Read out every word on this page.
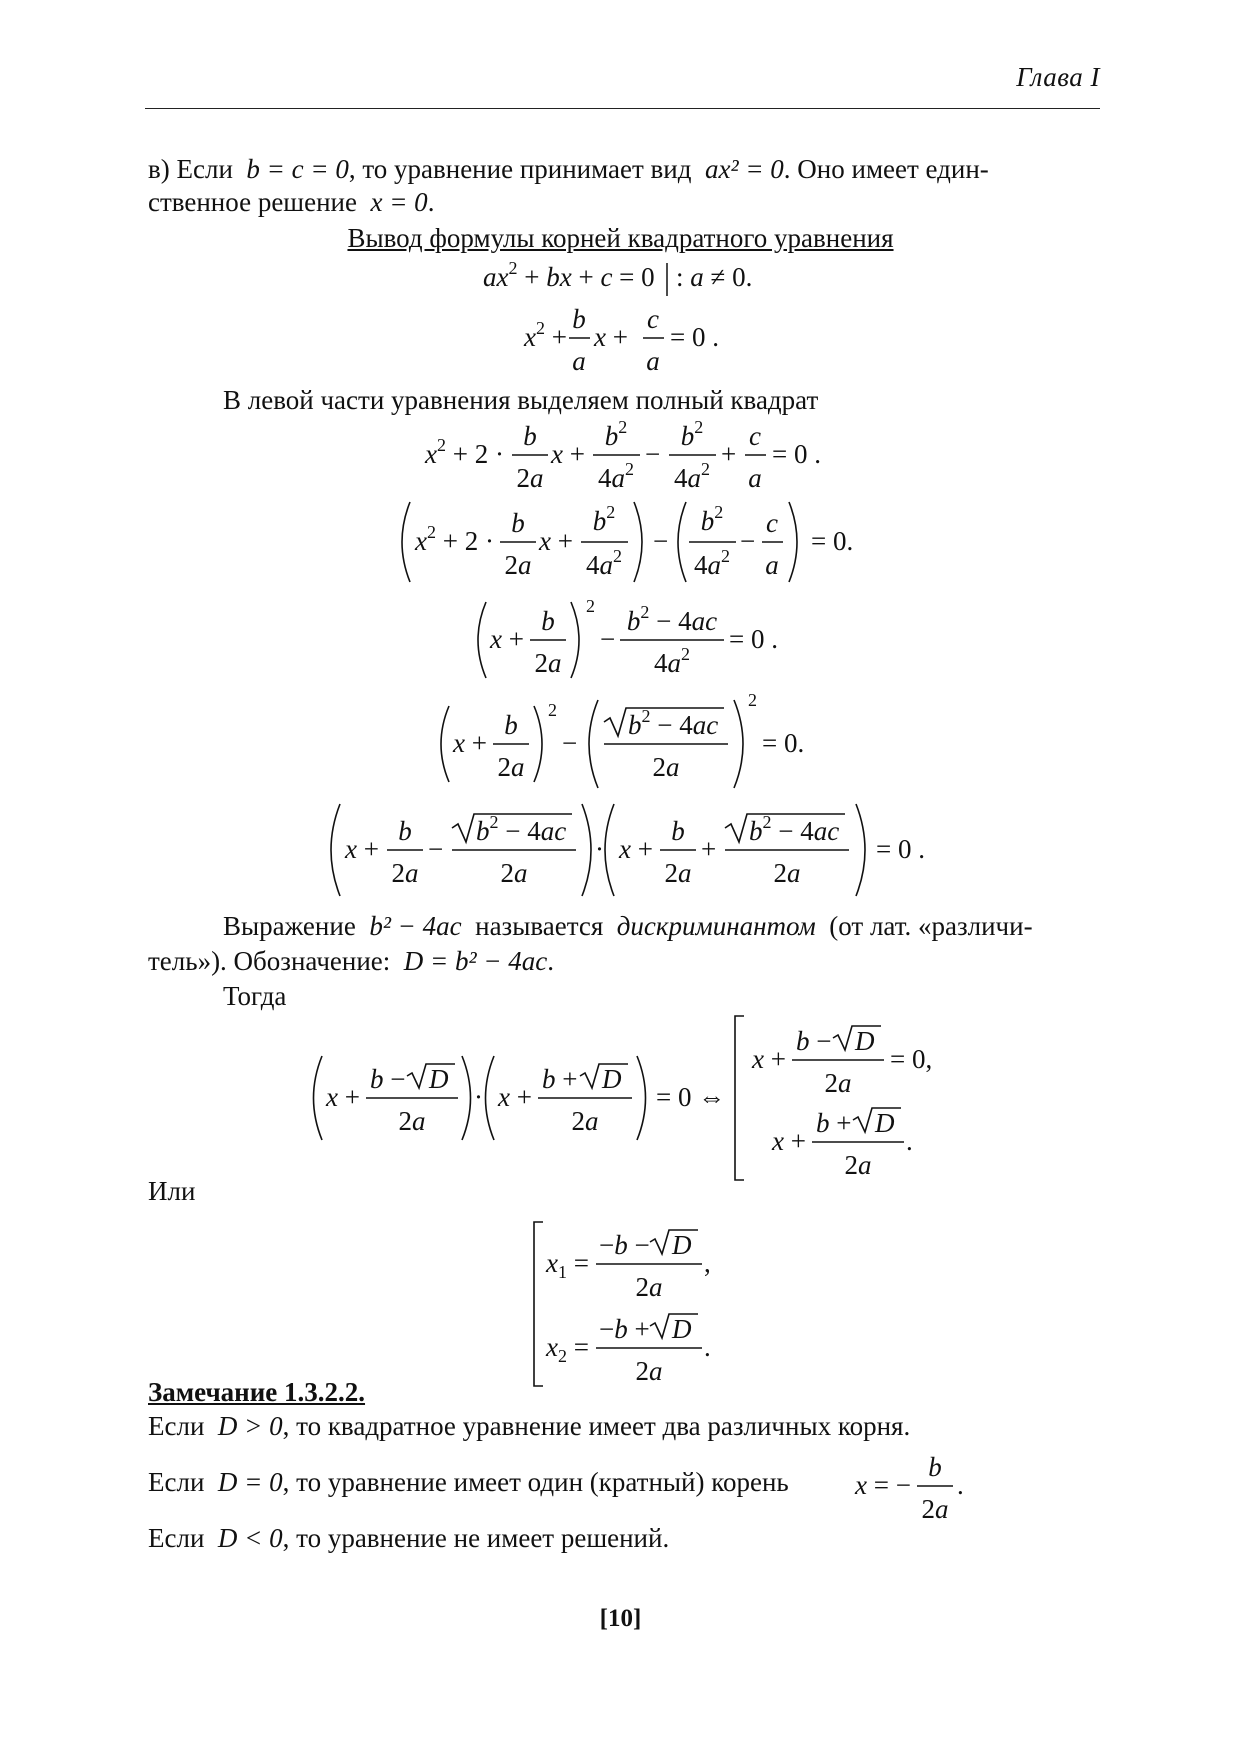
Глава I
в) Если b = c = 0, то уравнение принимает вид ax² = 0. Оно имеет един-
ственное решение x = 0.
Вывод формулы корней квадратного уравнения
В левой части уравнения выделяем полный квадрат
Выражение b² − 4ac называется дискриминантом (от лат. «различи-
тель»). Обозначение: D = b² − 4ac.
Тогда
Или
Замечание 1.3.2.2.
Если D > 0, то квадратное уравнение имеет два различных корня.
Если D = 0, то уравнение имеет один (кратный) корень
Если D < 0, то уравнение не имеет решений.
[10]
$ax^2$ + bx + c = 0 : a ≠ 0.
$x^2$ +
b
a
x +
c
a
= 0 .
$x^2 + 2$ ·
b
2a
x +
$b^2$
$4a^2$ −
$b^2$
$4a^2$ +
c
a
= 0 .
$x^2 + 2$ ·
b
2a
x +
$b^2$
$4a^2$ −
$b^2$
$4a^2$ −
c
a
= 0.
x +
b
2a
2
−
$b^2 - 4ac$
$4a^2 = 0$ .
x +
b
2a
2
−
$b^2 - 4ac$
2a
2
= 0.
x +
b
2a
−
$b^2 - 4ac$
2a
· x +
b
2a
+
$b^2 - 4ac$
2a
= 0 .
x +
b − D
2a
· x +
b + D
2a
= 0 ⇔
x +
b − D
2a
= 0,
x +
b + D
2a
.
$x_1$ =
−b − D
2a
,
$x_2$ =
−b + D
2a
.
x = −
b
2a
.
